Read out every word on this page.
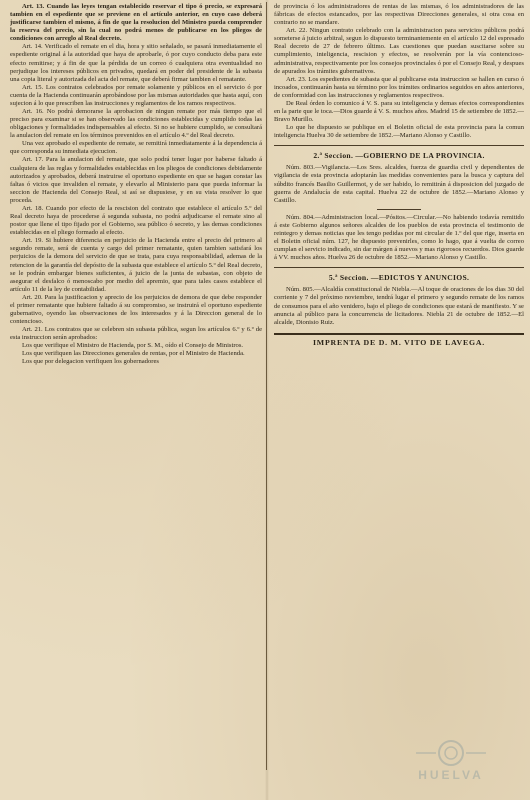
Art. 13. Cuando las leyes tengan establecido reservar el tipo ó precio, se expresará tambien en el espediente que se previene en el artículo anterior, en cuyo caso deberá justificarse tambien el mismo, á fin de que la resolucion del Ministro pueda comprender la reserva del precio, sin la cual no podrá menos de publicarse en los pliegos de condiciones con arreglo al Real decreto.

Art. 14. Verificado el remate en el dia, hora y sitio señalado, se pasará inmediatamente el espediente original á la autoridad que haya de aprobarle, ó por cuyo conducto deba para este efecto remitirse; y á fin de que la pérdida de un correo ó cualquiera otra eventualidad no perjudique los intereses públicos en privados, quedará en poder del presidente de la subasta una copia literal y autorizada del acta del remate, que deberá firmar tambien el rematante.

Art. 15. Los contratos celebrados por remate solamente y públicos en el servicio ó por cuenta de la Hacienda continuarán aprobándose por las mismas autoridades que hasta aquí, con sujecion á lo que prescriben las instrucciones y reglamentos de los ramos respectivos.

Art. 16. No podrá demorarse la aprobacion de ningun remate por más tiempo que el preciso para examinar si se han observado las condiciones establecidas y cumplido todas las obligaciones y formalidades indispensables al efecto. Si no se hubiere cumplido, se consultará la anulacion del remate en los términos prevenidos en el artículo 4.º del Real decreto.

Una vez aprobado el espediente de remate, se remitirá inmediatamente á la dependencia á que corresponda su inmediata ejecucion.

Art. 17. Para la anulacion del remate, que solo podrá tener lugar por haberse faltado á cualquiera de las reglas y formalidades establecidas en los pliegos de condiciones debidamente autorizados y aprobados, deberá instruirse el oportuno espediente en que se hagan constar las faltas ó vicios que invaliden el remate, y elevarlo al Ministerio para que pueda informar la seccion de Hacienda del Consejo Real, si así se dispusiese, y en su vista resolver lo que proceda.

Art. 18. Cuando por efecto de la rescision del contrato que establece el artículo 5.º del Real decreto haya de procederse á segunda subasta, no podrá adjudicarse el remate sino al postor que llene el tipo fijado por el Gobierno, sea público ó secreto, y las demas condiciones establecidas en el pliego formado al efecto.

Art. 19. Si hubiere diferencia en perjuicio de la Hacienda entre el precio del primero al segundo remate, será de cuenta y cargo del primer rematante, quien tambien satisfará los perjuicios de la demora del servicio de que se trata, para cuya responsabilidad, ademas de la retencion de la garantía del depósito de la subasta que establece el artículo 5.º del Real decreto, se le podrán embargar bienes suficientes, á juicio de la junta de subastas, con objeto de asegurar el desfalco ó menoscabo por medio del apremio, que para tales casos establece el artículo 11 de la ley de contabilidad.

Art. 20. Para la justificacion y aprecio de los perjuicios de demora de que debe responder el primer rematante que hubiere faltado á su compromiso, se instruirá el oportuno espediente gubernativo, oyendo las observaciones de los interesados y á la Direccion general de lo contencioso.

Art. 21. Los contratos que se celebren sin subasta pública, segun los artículos 6.º y 6.º de esta instruccion serán aprobados:

Los que verifique el Ministro de Hacienda, por S. M., oído el Consejo de Ministros.

Los que verifiquen las Direcciones generales de rentas, por el Ministro de Hacienda.

Los que por delegacion verifiquen los gobernadores

de provincia ó los administradores de rentas de las mismas, ó los administradores de las fábricas de efectos estancados, por las respectivas Direcciones generales, si otra cosa en contrario no se mandare.

Art. 22. Ningun contrato celebrado con la administracion para servicios públicos podrá someterse á juicio arbitral, segun lo dispuesto terminantemente en el artículo 12 del espresado Real decreto de 27 de febrero último. Las cuestiones que puedan suscitarse sobre su cumplimiento, inteligencia, rescision y efectos, se resolverán por la vía contencioso-administrativa, respectivamente por los consejos provinciales ó por el Consejo Real, y despues de apurados los trámites gubernativos.

Art. 23. Los espedientes de subasta que al publicarse esta instruccion se hallen en curso ó incoados, continuarán hasta su término por los trámites ordinarios seguidos en años anteriores, de conformidad con las instrucciones y reglamentos respectivos.

De Real órden lo comunico á V. S. para su inteligencia y demas efectos correspondientes en la parte que le toca.—Dios guarde á V. S. muchos años. Madrid 15 de setiembre de 1852.—Bravo Murillo.

Lo que he dispuesto se publique en el Boletin oficial de esta provincia para la comun inteligencia Huelva 30 de setiembre de 1852.—Mariano Alonso y Castillo.

2.ª Seccion. —GOBIERNO DE LA PROVINCIA.

Núm. 803.—Vigilancia.—Los Sres. alcaldes, fuerza de guardia civil y dependientes de vigilancia de esta provincia adoptarán las medidas convenientes para la busca y captura del súbdito francés Basilio Guillermot, y de ser habido, lo remitirán á disposicion del juzgado de guerra de Andalucía de esta capital. Huelva 22 de octubre de 1852.—Mariano Alonso y Castillo.

Núm. 804.—Administracion local.—Pósitos.—Circular.—No habiendo todavía remitido á este Gobierno algunos señores alcaldes de los pueblos de esta provincia el testimonio de reintegro y demas noticias que les tengo pedidas por mi circular de 1.º del que rige, inserta en el Boletin oficial núm. 127, he dispuesto prevenirles, como lo hago, que á vuelta de correo cumplan el servicio indicado, sin dar márgen á nuevos y mas rigorosos recuerdos. Dios guarde á VV. muchos años. Huelva 26 de octubre de 1852.—Mariano Alonso y Castillo.

5.ª Seccion. —EDICTOS Y ANUNCIOS.

Núm. 805.—Alcaldía constitucional de Niebla.—Al toque de oraciones de los dias 30 del corriente y 7 del próximo noviembre, tendrá lugar el primero y segundo remate de los ramos de consumos para el año venidero, bajo el pliego de condiciones que estará de manifiesto. Y se anuncia al público para la concurrencia de licitadores. Niebla 21 de octubre de 1852.—El alcalde, Dionisio Ruiz.

IMPRENTA DE D. M. VITO DE LAVEGA.
HUELVA
